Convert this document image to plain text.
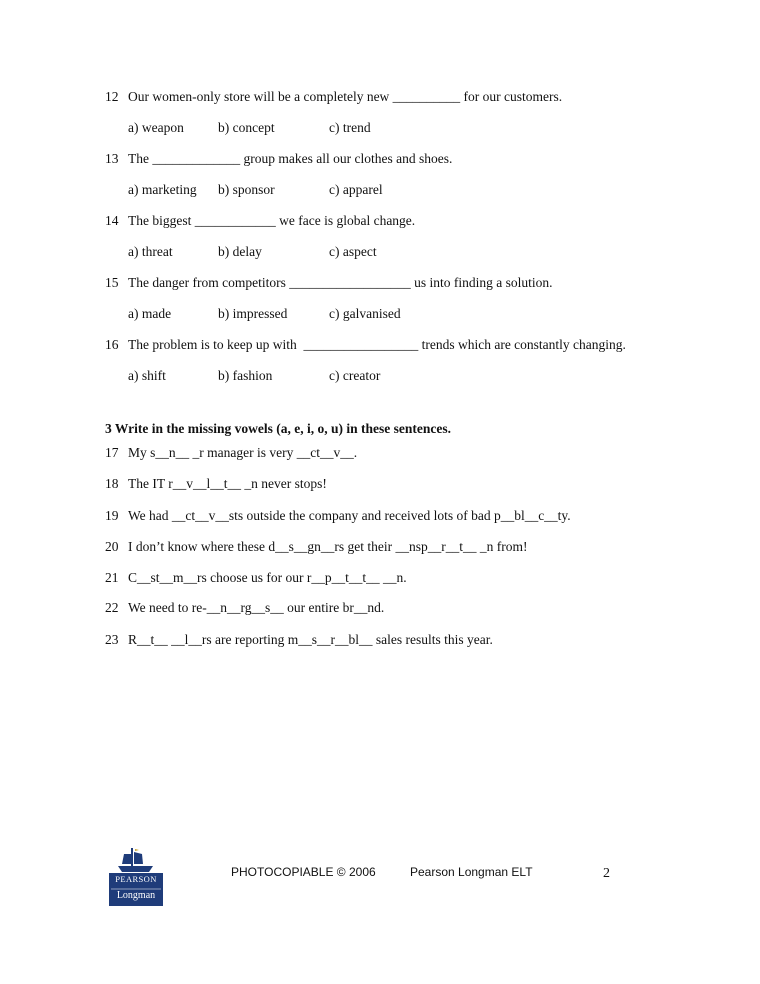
12 Our women-only store will be a completely new __________ for our customers.

a) weapon

	b) concept

	c) trend

13 The _____________ group makes all our clothes and shoes.

a) marketing

b) sponsor

	c) apparel

14 The biggest ____________ we face is global change.

a) threat

	b) delay

	c) aspect

15 The danger from competitors __________________ us into finding a solution.

a) made

	b) impressed

	c) galvanised

16 The problem is to keep up with  _________________ trends which are constantly changing.

a) shift

	b) fashion

	c) creator

3 Write in the missing vowels (a, e, i, o, u) in these sentences.
17 My s__n__ _r manager is very __ct__v__.
18 The IT r__v__l__t__ _n never stops!
19 We had __ct__v__sts outside the company and received lots of bad p__bl__c__ty.
20 I don’t know where these d__s__gn__rs get their __nsp__r__t__ _n from!
21 C__st__m__rs choose us for our r__p__t__t__ __n.
22 We need to re-__n__rg__s__ our entire br__nd.
23 R__t__ __l__rs are reporting m__s__r__bl__ sales results this year.
PEARSON
Longman
PHOTOCOPIABLE © 2006	Pearson Longman ELT	2
